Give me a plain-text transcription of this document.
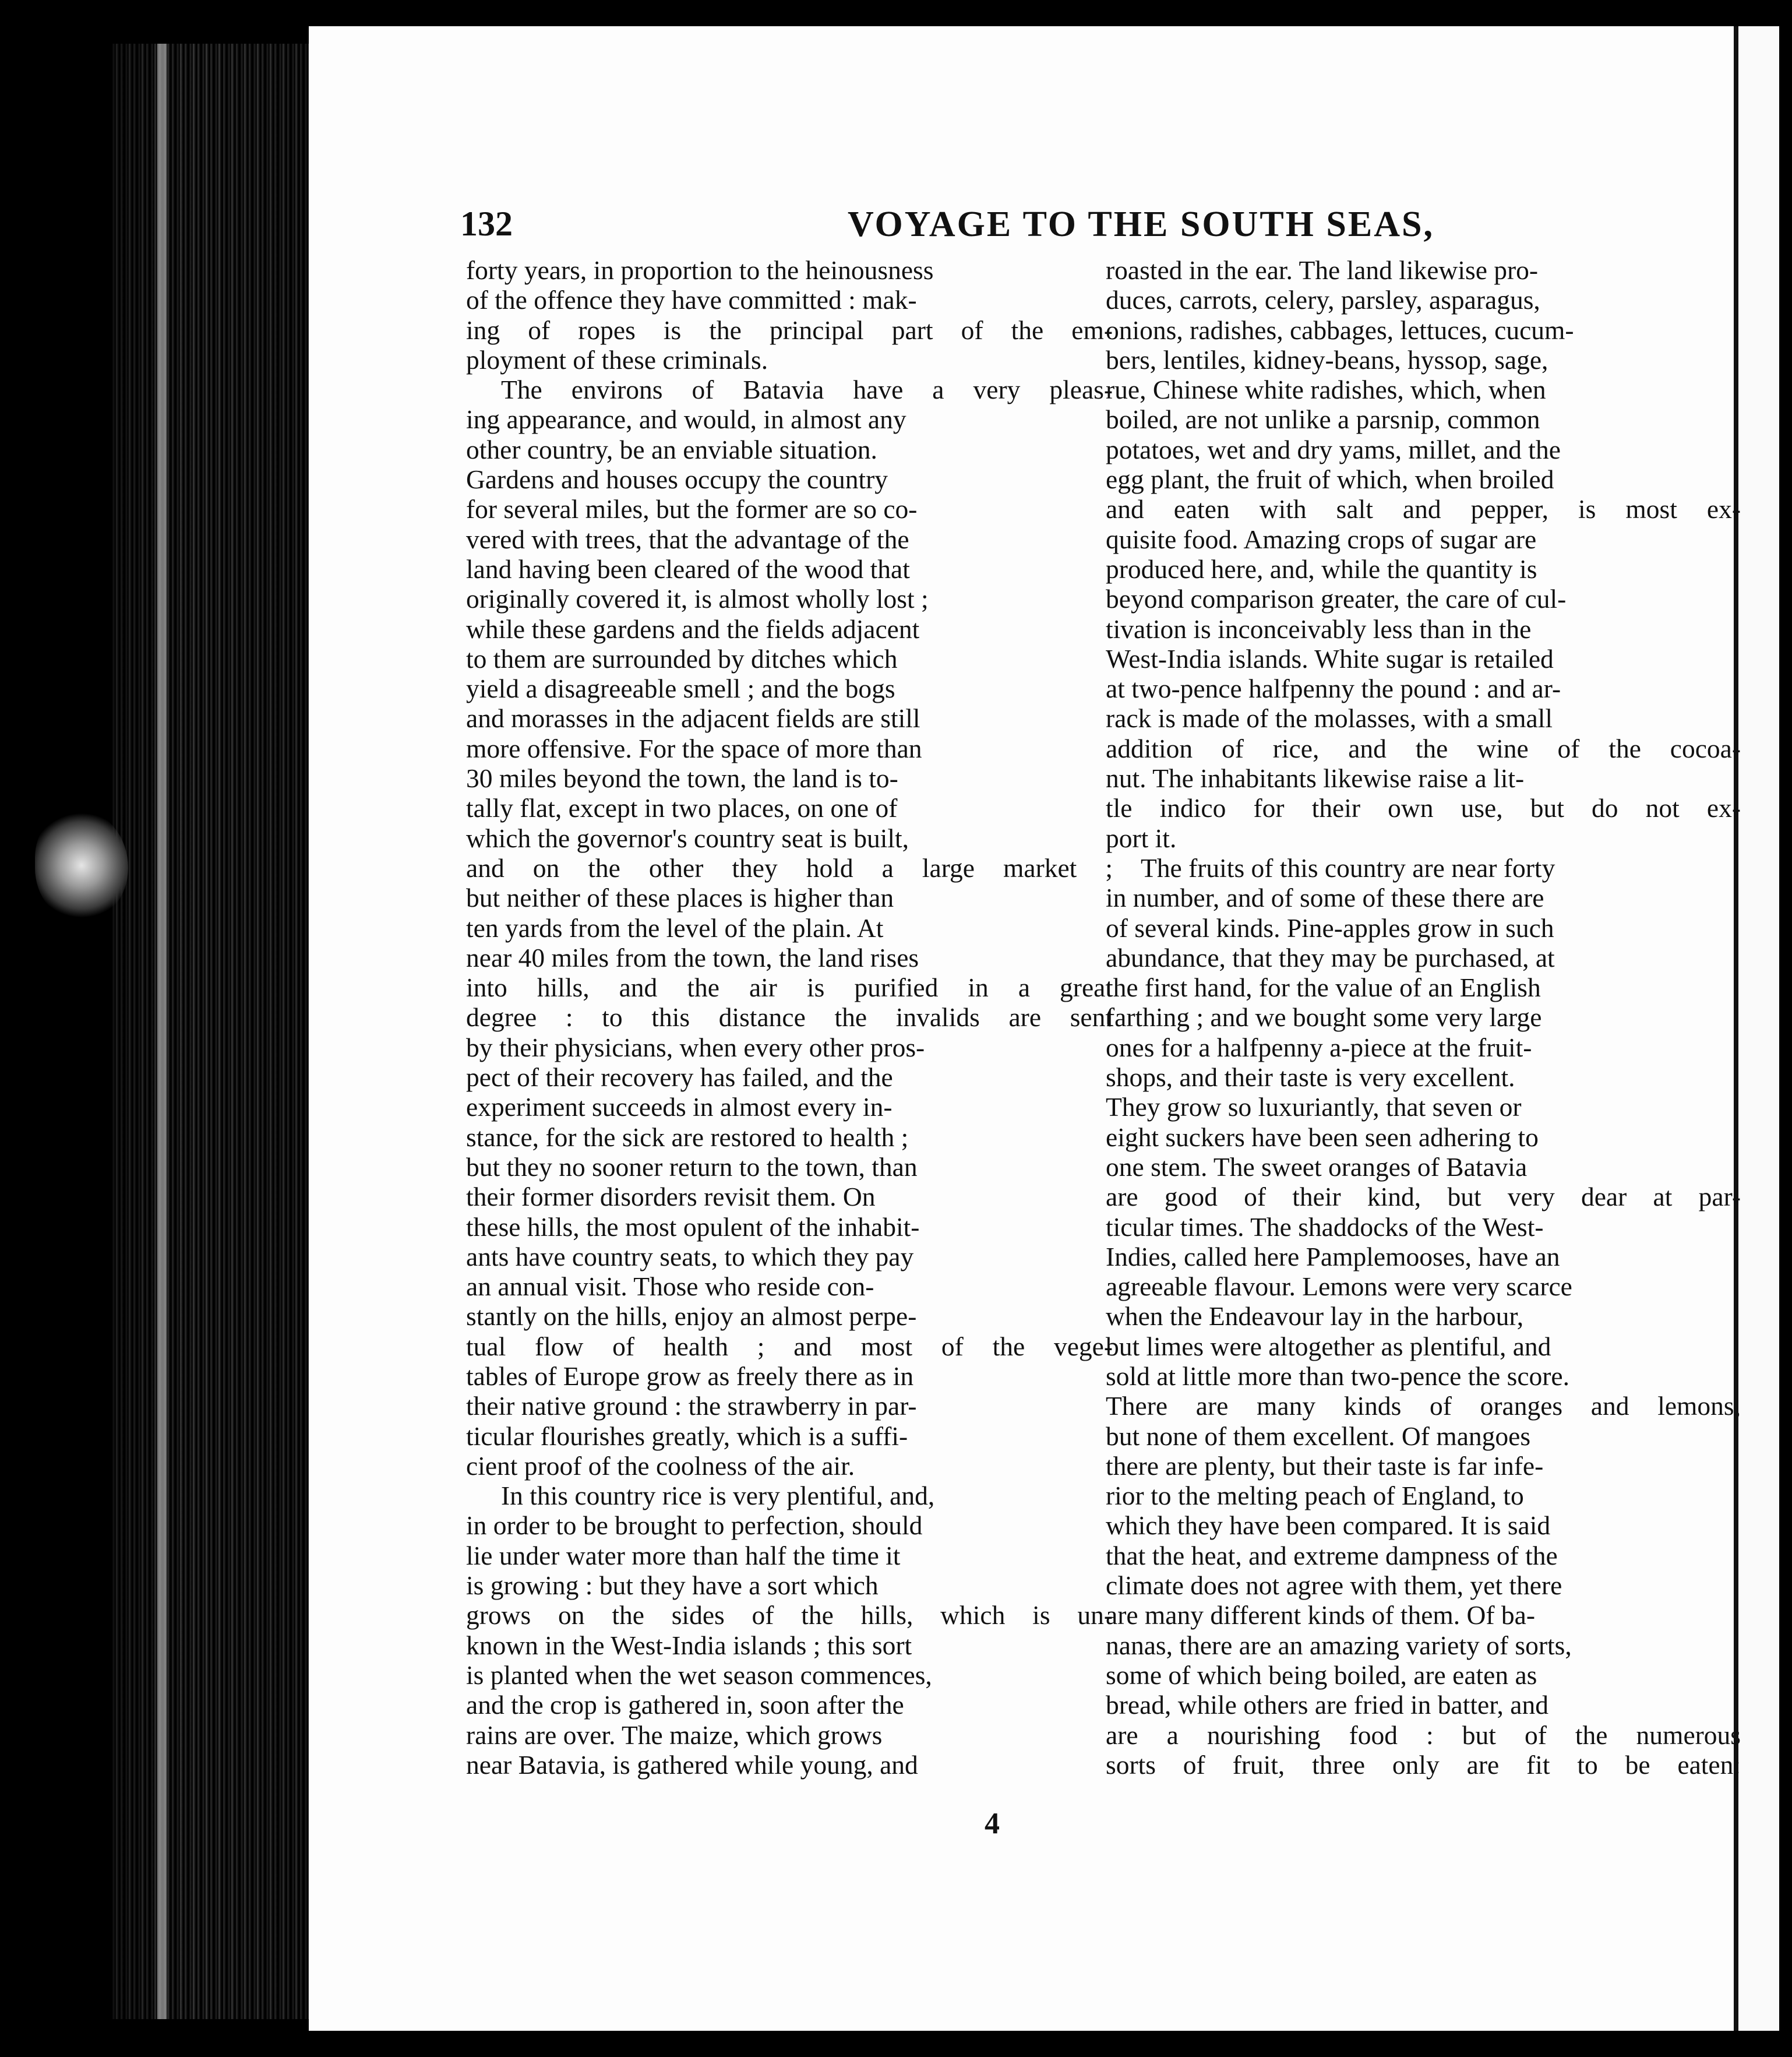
132	VOYAGE TO THE SOUTH SEAS,
forty years, in proportion to the heinousness
of the offence they have committed : mak-
ing of ropes is the principal part of the em-
ployment of these criminals.
The environs of Batavia have a very pleas-
ing appearance, and would, in almost any
other country, be an enviable situation.
Gardens and houses occupy the country
for several miles, but the former are so co-
vered with trees, that the advantage of the
land having been cleared of the wood that
originally covered it, is almost wholly lost ;
while these gardens and the fields adjacent
to them are surrounded by ditches which
yield a disagreeable smell ; and the bogs
and morasses in the adjacent fields are still
more offensive. For the space of more than
30 miles beyond the town, the land is to-
tally flat, except in two places, on one of
which the governor's country seat is built,
and on the other they hold a large market ;
but neither of these places is higher than
ten yards from the level of the plain. At
near 40 miles from the town, the land rises
into hills, and the air is purified in a great
degree : to this distance the invalids are sent
by their physicians, when every other pros-
pect of their recovery has failed, and the
experiment succeeds in almost every in-
stance, for the sick are restored to health ;
but they no sooner return to the town, than
their former disorders revisit them. On
these hills, the most opulent of the inhabit-
ants have country seats, to which they pay
an annual visit. Those who reside con-
stantly on the hills, enjoy an almost perpe-
tual flow of health ; and most of the vege-
tables of Europe grow as freely there as in
their native ground : the strawberry in par-
ticular flourishes greatly, which is a suffi-
cient proof of the coolness of the air.
In this country rice is very plentiful, and,
in order to be brought to perfection, should
lie under water more than half the time it
is growing : but they have a sort which
grows on the sides of the hills, which is un-
known in the West-India islands ; this sort
is planted when the wet season commences,
and the crop is gathered in, soon after the
rains are over. The maize, which grows
near Batavia, is gathered while young, and
roasted in the ear. The land likewise pro-
duces, carrots, celery, parsley, asparagus,
onions, radishes, cabbages, lettuces, cucum-
bers, lentiles, kidney-beans, hyssop, sage,
rue, Chinese white radishes, which, when
boiled, are not unlike a parsnip, common
potatoes, wet and dry yams, millet, and the
egg plant, the fruit of which, when broiled
and eaten with salt and pepper, is most ex-
quisite food. Amazing crops of sugar are
produced here, and, while the quantity is
beyond comparison greater, the care of cul-
tivation is inconceivably less than in the
West-India islands. White sugar is retailed
at two-pence halfpenny the pound : and ar-
rack is made of the molasses, with a small
addition of rice, and the wine of the cocoa-
nut. The inhabitants likewise raise a lit-
tle indico for their own use, but do not ex-
port it.
The fruits of this country are near forty
in number, and of some of these there are
of several kinds. Pine-apples grow in such
abundance, that they may be purchased, at
the first hand, for the value of an English
farthing ; and we bought some very large
ones for a halfpenny a-piece at the fruit-
shops, and their taste is very excellent.
They grow so luxuriantly, that seven or
eight suckers have been seen adhering to
one stem. The sweet oranges of Batavia
are good of their kind, but very dear at par-
ticular times. The shaddocks of the West-
Indies, called here Pamplemooses, have an
agreeable flavour. Lemons were very scarce
when the Endeavour lay in the harbour,
but limes were altogether as plentiful, and
sold at little more than two-pence the score.
There are many kinds of oranges and lemons,
but none of them excellent. Of mangoes
there are plenty, but their taste is far infe-
rior to the melting peach of England, to
which they have been compared. It is said
that the heat, and extreme dampness of the
climate does not agree with them, yet there
are many different kinds of them. Of ba-
nanas, there are an amazing variety of sorts,
some of which being boiled, are eaten as
bread, while others are fried in batter, and
are a nourishing food : but of the numerous
sorts of fruit, three only are fit to be eaten:
4
